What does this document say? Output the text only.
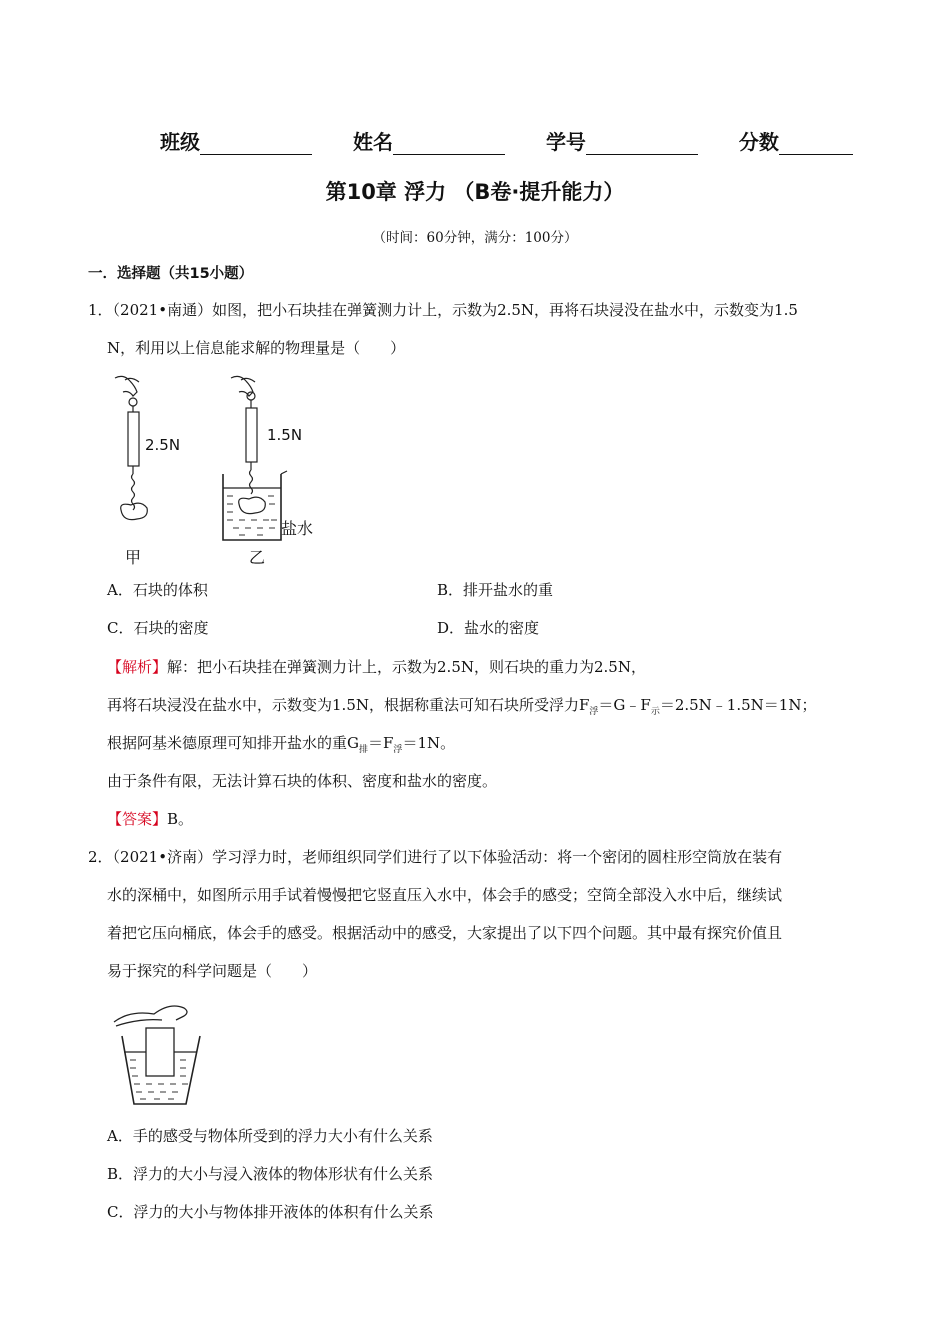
班级	姓名	学号	分数
第10章 浮力 （B卷·提升能力）
（时间：60分钟，满分：100分）
一．选择题（共15小题）
1．（2021•南通）如图，把小石块挂在弹簧测力计上，示数为2.5N，再将石块浸没在盐水中，示数变为1.5
N，利用以上信息能求解的物理量是（　　）
2.5N
甲
1.5N
盐水
乙
A．石块的体积	B．排开盐水的重
C．石块的密度	D．盐水的密度
【解析】解：把小石块挂在弹簧测力计上，示数为2.5N，则石块的重力为2.5N，
再将石块浸没在盐水中，示数变为1.5N，根据称重法可知石块所受浮力$F_浮=G﹣F_示=2.5N﹣1.5N=1N$；
根据阿基米德原理可知排开盐水的重$G_排=F_浮=1N$。
由于条件有限，无法计算石块的体积、密度和盐水的密度。
【答案】B。
2．（2021•济南）学习浮力时，老师组织同学们进行了以下体验活动：将一个密闭的圆柱形空筒放在装有
水的深桶中，如图所示用手试着慢慢把它竖直压入水中，体会手的感受；空筒全部没入水中后，继续试
着把它压向桶底，体会手的感受。根据活动中的感受，大家提出了以下四个问题。其中最有探究价值且
易于探究的科学问题是（　　）
A．手的感受与物体所受到的浮力大小有什么关系
B．浮力的大小与浸入液体的物体形状有什么关系
C．浮力的大小与物体排开液体的体积有什么关系
